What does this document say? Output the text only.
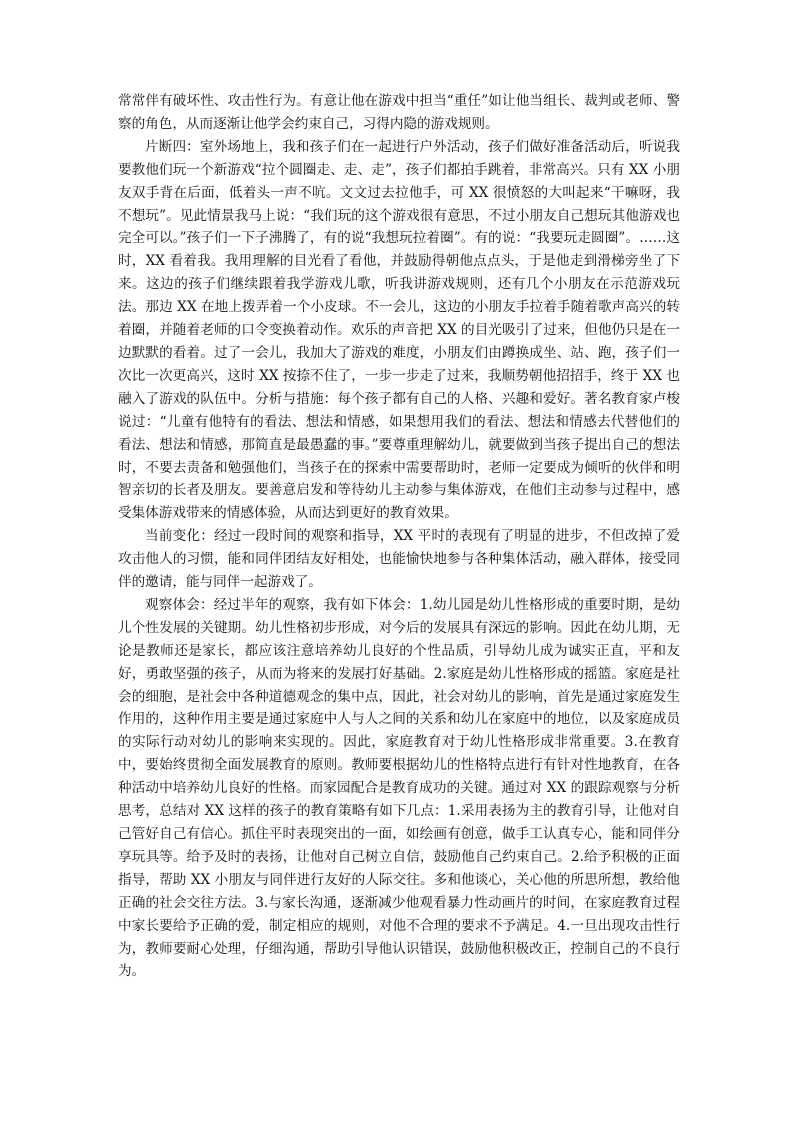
常常伴有破坏性、攻击性行为。有意让他在游戏中担当“重任”如让他当组长、裁判或老师、警察的角色，从而逐渐让他学会约束自己，习得内隐的游戏规则。

片断四：室外场地上，我和孩子们在一起进行户外活动，孩子们做好准备活动后，听说我要教他们玩一个新游戏“拉个圆圈走、走、走”，孩子们都拍手跳着，非常高兴。只有 XX 小朋友双手背在后面，低着头一声不吭。文文过去拉他手，可 XX 很愤怒的大叫起来“干嘛呀，我不想玩”。见此情景我马上说：“我们玩的这个游戏很有意思，不过小朋友自己想玩其他游戏也完全可以。”孩子们一下子沸腾了，有的说“我想玩拉着圈”。有的说：“我要玩走圆圈”。……这时，XX 看着我。我用理解的目光看了看他，并鼓励得朝他点点头，于是他走到滑梯旁坐了下来。这边的孩子们继续跟着我学游戏儿歌，听我讲游戏规则，还有几个小朋友在示范游戏玩法。那边 XX 在地上拨弄着一个小皮球。不一会儿，这边的小朋友手拉着手随着歌声高兴的转着圈，并随着老师的口令变换着动作。欢乐的声音把 XX 的目光吸引了过来，但他仍只是在一边默默的看着。过了一会儿，我加大了游戏的难度，小朋友们由蹲换成坐、站、跑，孩子们一次比一次更高兴，这时 XX 按捺不住了，一步一步走了过来，我顺势朝他招招手，终于 XX 也融入了游戏的队伍中。分析与措施：每个孩子都有自己的人格、兴趣和爱好。著名教育家卢梭说过：“儿童有他特有的看法、想法和情感，如果想用我们的看法、想法和情感去代替他们的看法、想法和情感，那简直是最愚蠢的事。”要尊重理解幼儿，就要做到当孩子提出自己的想法时，不要去责备和勉强他们，当孩子在的探索中需要帮助时，老师一定要成为倾听的伙伴和明智亲切的长者及朋友。要善意启发和等待幼儿主动参与集体游戏，在他们主动参与过程中，感受集体游戏带来的情感体验，从而达到更好的教育效果。

当前变化：经过一段时间的观察和指导，XX 平时的表现有了明显的进步，不但改掉了爱攻击他人的习惯，能和同伴团结友好相处，也能愉快地参与各种集体活动，融入群体，接受同伴的邀请，能与同伴一起游戏了。

观察体会：经过半年的观察，我有如下体会：1.幼儿园是幼儿性格形成的重要时期，是幼儿个性发展的关键期。幼儿性格初步形成，对今后的发展具有深远的影响。因此在幼儿期，无论是教师还是家长，都应该注意培养幼儿良好的个性品质，引导幼儿成为诚实正直，平和友好，勇敢坚强的孩子，从而为将来的发展打好基础。2.家庭是幼儿性格形成的摇篮。家庭是社会的细胞，是社会中各种道德观念的集中点，因此，社会对幼儿的影响，首先是通过家庭发生作用的，这种作用主要是通过家庭中人与人之间的关系和幼儿在家庭中的地位，以及家庭成员的实际行动对幼儿的影响来实现的。因此，家庭教育对于幼儿性格形成非常重要。3.在教育中，要始终贯彻全面发展教育的原则。教师要根据幼儿的性格特点进行有针对性地教育，在各种活动中培养幼儿良好的性格。而家园配合是教育成功的关键。通过对 XX 的跟踪观察与分析思考，总结对 XX 这样的孩子的教育策略有如下几点：1.采用表扬为主的教育引导，让他对自己管好自己有信心。抓住平时表现突出的一面，如绘画有创意，做手工认真专心，能和同伴分享玩具等。给予及时的表扬，让他对自己树立自信，鼓励他自己约束自己。2.给予积极的正面指导，帮助 XX 小朋友与同伴进行友好的人际交往。多和他谈心，关心他的所思所想，教给他正确的社会交往方法。3.与家长沟通，逐渐减少他观看暴力性动画片的时间，在家庭教育过程中家长要给予正确的爱，制定相应的规则，对他不合理的要求不予满足。4.一旦出现攻击性行为，教师要耐心处理，仔细沟通，帮助引导他认识错误，鼓励他积极改正，控制自己的不良行为。
